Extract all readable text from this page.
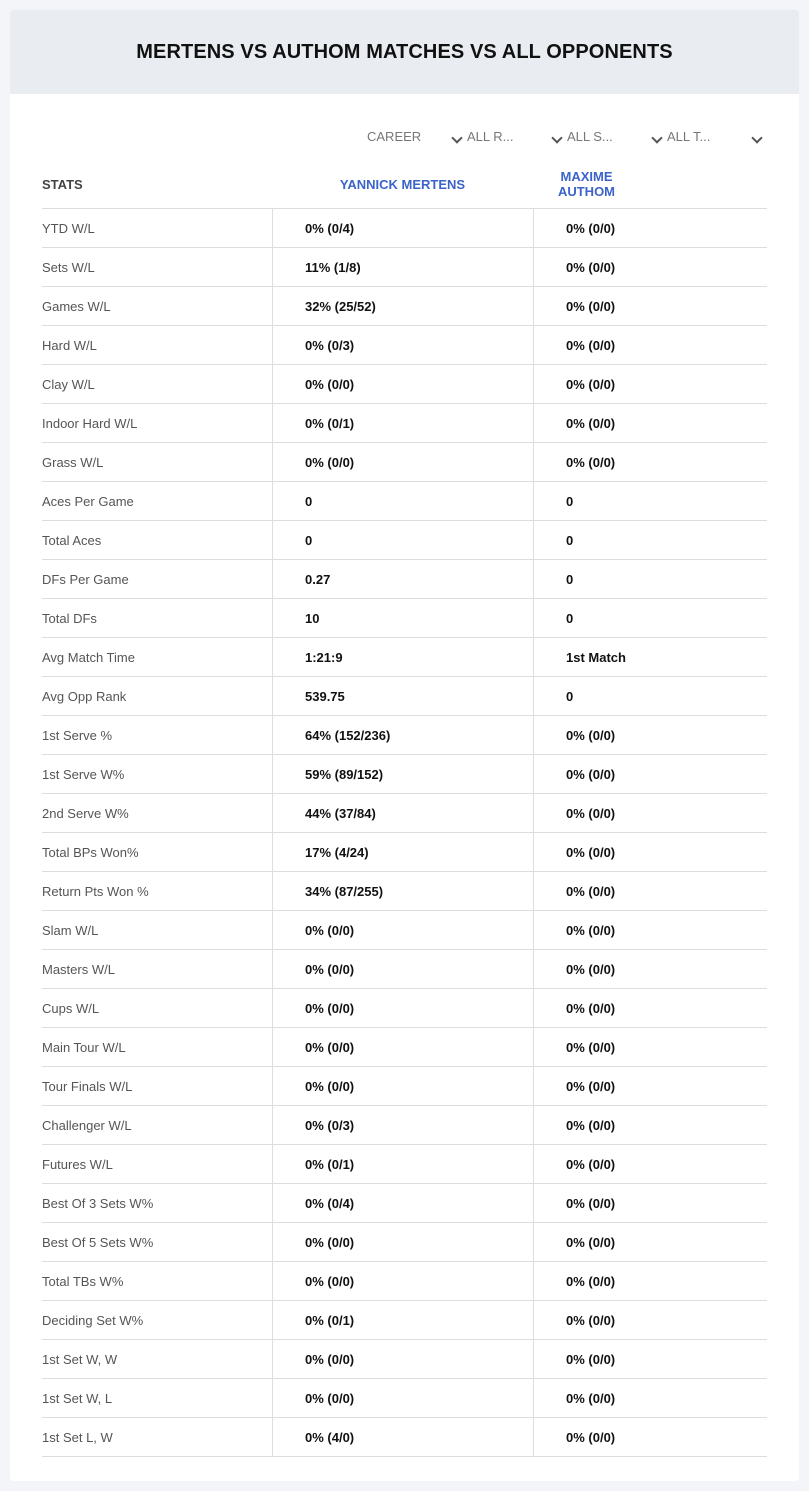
MERTENS VS AUTHOM MATCHES VS ALL OPPONENTS
CAREER	ALL R...	ALL S...	ALL T...
STATS	YANNICK MERTENS	MAXIME AUTHOM
YTD W/L	0% (0/4)	0% (0/0)
Sets W/L	11% (1/8)	0% (0/0)
Games W/L	32% (25/52)	0% (0/0)
Hard W/L	0% (0/3)	0% (0/0)
Clay W/L	0% (0/0)	0% (0/0)
Indoor Hard W/L	0% (0/1)	0% (0/0)
Grass W/L	0% (0/0)	0% (0/0)
Aces Per Game	0	0
Total Aces	0	0
DFs Per Game	0.27	0
Total DFs	10	0
Avg Match Time	1:21:9	1st Match
Avg Opp Rank	539.75	0
1st Serve %	64% (152/236)	0% (0/0)
1st Serve W%	59% (89/152)	0% (0/0)
2nd Serve W%	44% (37/84)	0% (0/0)
Total BPs Won%	17% (4/24)	0% (0/0)
Return Pts Won %	34% (87/255)	0% (0/0)
Slam W/L	0% (0/0)	0% (0/0)
Masters W/L	0% (0/0)	0% (0/0)
Cups W/L	0% (0/0)	0% (0/0)
Main Tour W/L	0% (0/0)	0% (0/0)
Tour Finals W/L	0% (0/0)	0% (0/0)
Challenger W/L	0% (0/3)	0% (0/0)
Futures W/L	0% (0/1)	0% (0/0)
Best Of 3 Sets W%	0% (0/4)	0% (0/0)
Best Of 5 Sets W%	0% (0/0)	0% (0/0)
Total TBs W%	0% (0/0)	0% (0/0)
Deciding Set W%	0% (0/1)	0% (0/0)
1st Set W, W	0% (0/0)	0% (0/0)
1st Set W, L	0% (0/0)	0% (0/0)
1st Set L, W	0% (4/0)	0% (0/0)
